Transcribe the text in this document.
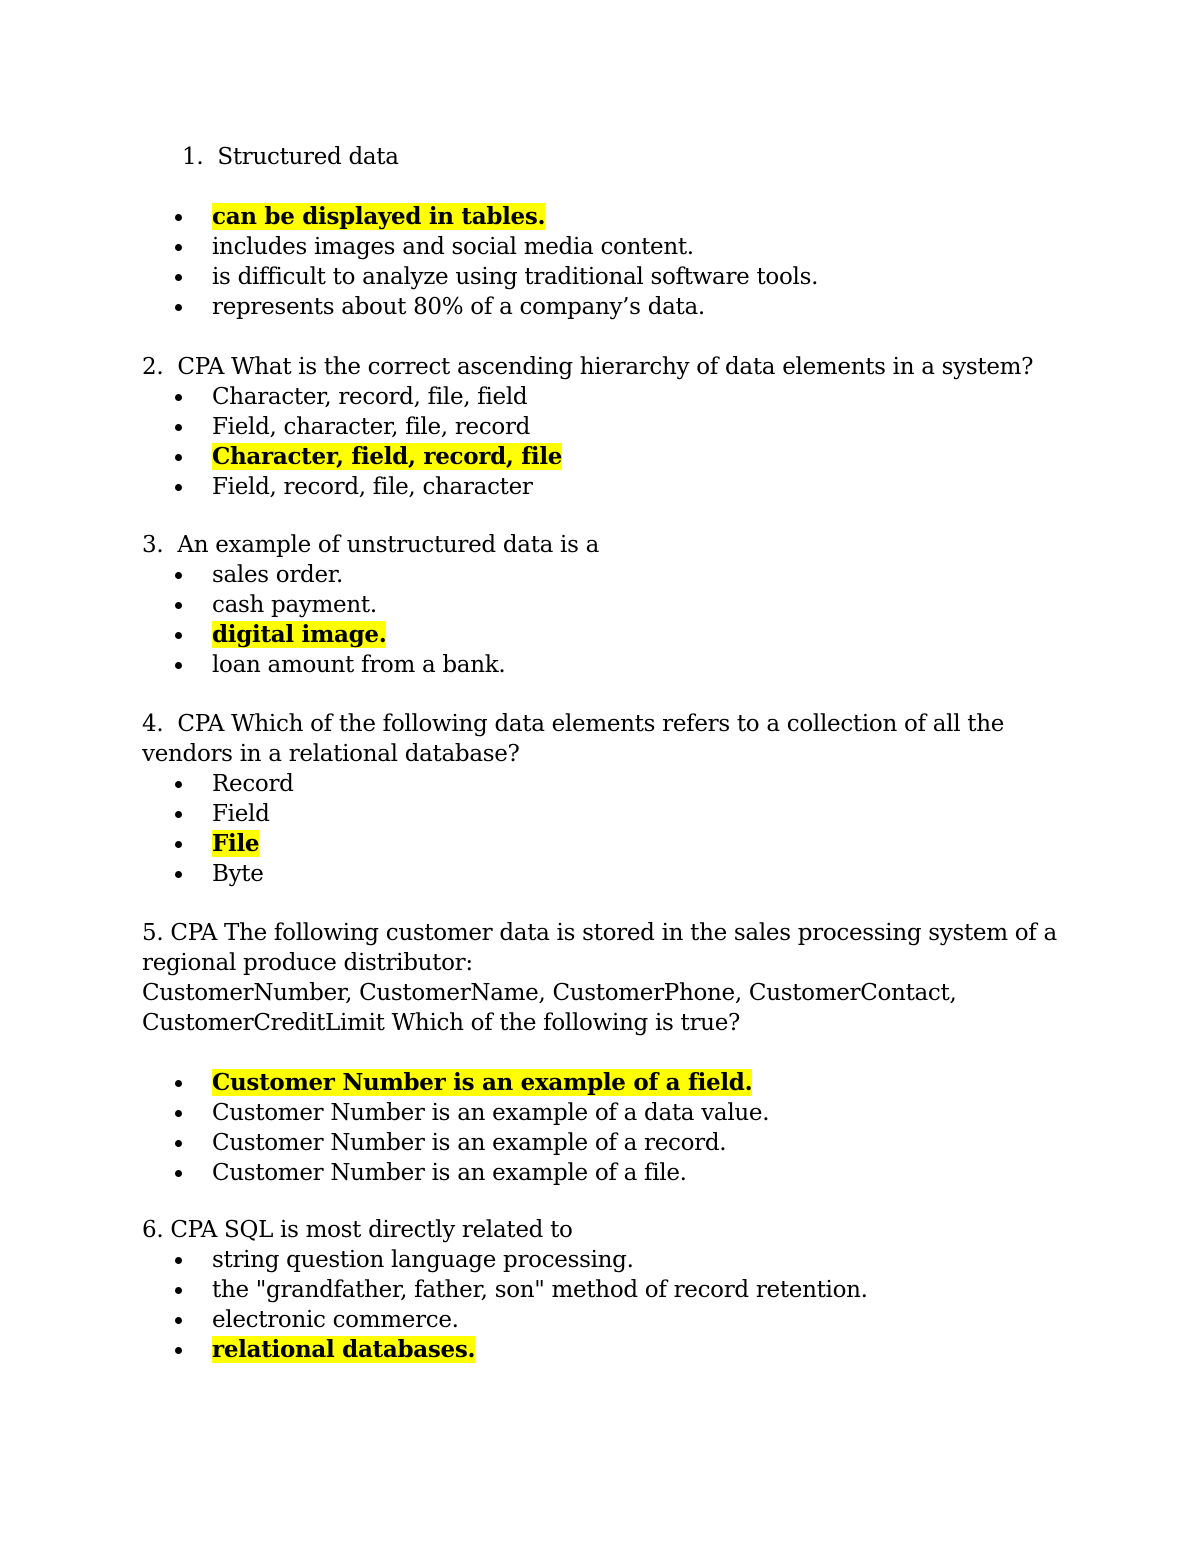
1. Structured data
can be displayed in tables.
includes images and social media content.
is difficult to analyze using traditional software tools.
represents about 80% of a company’s data.
2. CPA What is the correct ascending hierarchy of data elements in a system?
Character, record, file, field
Field, character, file, record
Character, field, record, file
Field, record, file, character
3. An example of unstructured data is a
sales order.
cash payment.
digital image.
loan amount from a bank.
4. CPA Which of the following data elements refers to a collection of all the vendors in a relational database?
Record
Field
File
Byte
5. CPA The following customer data is stored in the sales processing system of a regional produce distributor:
CustomerNumber, CustomerName, CustomerPhone, CustomerContact, CustomerCreditLimit Which of the following is true?
Customer Number is an example of a field.
Customer Number is an example of a data value.
Customer Number is an example of a record.
Customer Number is an example of a file.
6. CPA SQL is most directly related to
string question language processing.
the "grandfather, father, son" method of record retention.
electronic commerce.
relational databases.
